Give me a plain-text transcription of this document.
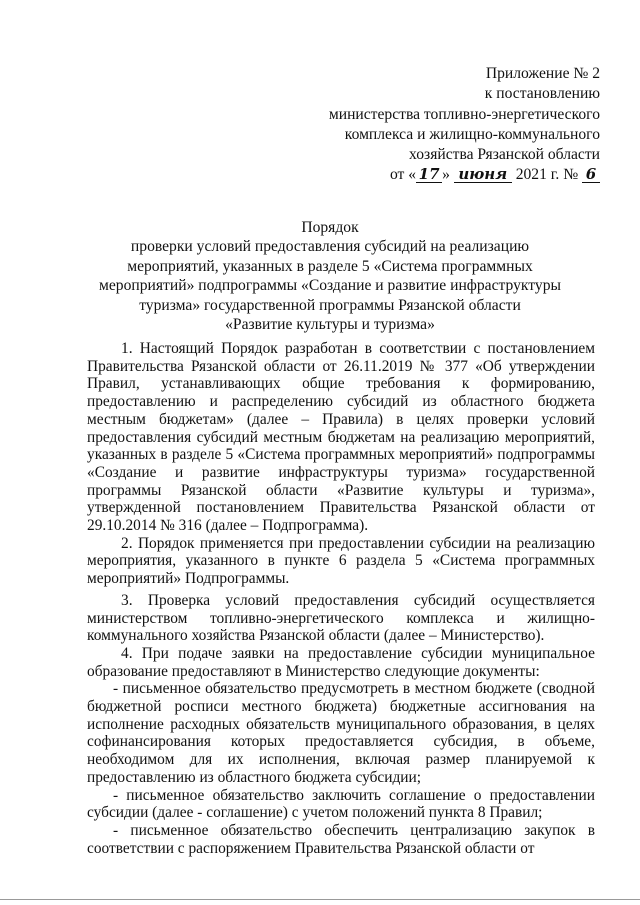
Приложение № 2
к постановлению
министерства топливно-энергетического
комплекса и жилищно-коммунального
хозяйства Рязанской области
от « 17 » июня 2021 г. № 6
Порядок
проверки условий предоставления субсидий на реализацию
мероприятий, указанных в разделе 5 «Система программных
мероприятий» подпрограммы «Создание и развитие инфраструктуры
туризма» государственной программы Рязанской области
«Развитие культуры и туризма»

1. Настоящий Порядок разработан в соответствии с постановлением Правительства Рязанской области от 26.11.2019 № 377 «Об утверждении Правил, устанавливающих общие требования к формированию, предоставлению и распределению субсидий из областного бюджета местным бюджетам» (далее – Правила) в целях проверки условий предоставления субсидий местным бюджетам на реализацию мероприятий, указанных в разделе 5 «Система программных мероприятий» подпрограммы «Создание и развитие инфраструктуры туризма» государственной программы Рязанской области «Развитие культуры и туризма», утвержденной постановлением Правительства Рязанской области от 29.10.2014 № 316 (далее – Подпрограмма).

2. Порядок применяется при предоставлении субсидии на реализацию мероприятия, указанного в пункте 6 раздела 5 «Система программных мероприятий» Подпрограммы.

3. Проверка условий предоставления субсидий осуществляется министерством топливно-энергетического комплекса и жилищно-коммунального хозяйства Рязанской области (далее – Министерство).

4. При подаче заявки на предоставление субсидии муниципальное образование предоставляют в Министерство следующие документы:

- письменное обязательство предусмотреть в местном бюджете (сводной бюджетной росписи местного бюджета) бюджетные ассигнования на исполнение расходных обязательств муниципального образования, в целях софинансирования которых предоставляется субсидия, в объеме, необходимом для их исполнения, включая размер планируемой к предоставлению из областного бюджета субсидии;

- письменное обязательство заключить соглашение о предоставлении субсидии (далее - соглашение) с учетом положений пункта 8 Правил;

- письменное обязательство обеспечить централизацию закупок в соответствии с распоряжением Правительства Рязанской области от
